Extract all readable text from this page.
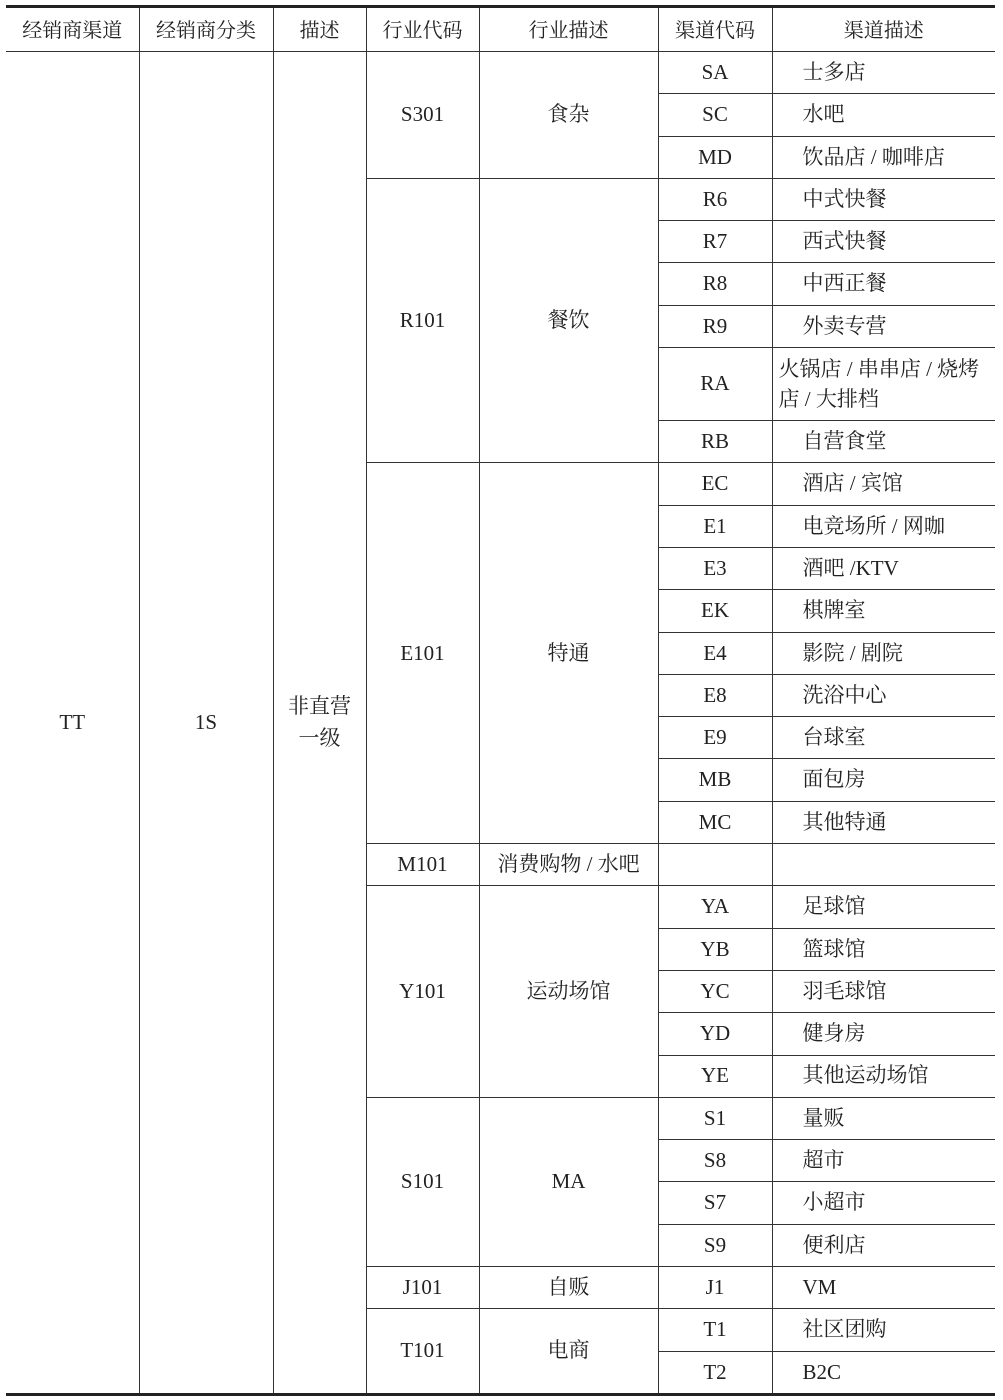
经销商渠道	经销商分类	描述	行业代码	行业描述	渠道代码	渠道描述
TT	1S	非直营一级	S301	食杂	SA	士多店
					SC	水吧
					MD	饮品店 / 咖啡店
			R101	餐饮	R6	中式快餐
					R7	西式快餐
					R8	中西正餐
					R9	外卖专营
					RA	火锅店 / 串串店 / 烧烤店 / 大排档
					RB	自营食堂
			E101	特通	EC	酒店 / 宾馆
					E1	电竞场所 / 网咖
					E3	酒吧 /KTV
					EK	棋牌室
					E4	影院 / 剧院
					E8	洗浴中心
					E9	台球室
					MB	面包房
					MC	其他特通
			M101	消费购物 / 水吧		
			Y101	运动场馆	YA	足球馆
					YB	篮球馆
					YC	羽毛球馆
					YD	健身房
					YE	其他运动场馆
			S101	MA	S1	量贩
					S8	超市
					S7	小超市
					S9	便利店
			J101	自贩	J1	VM
			T101	电商	T1	社区团购
					T2	B2C
